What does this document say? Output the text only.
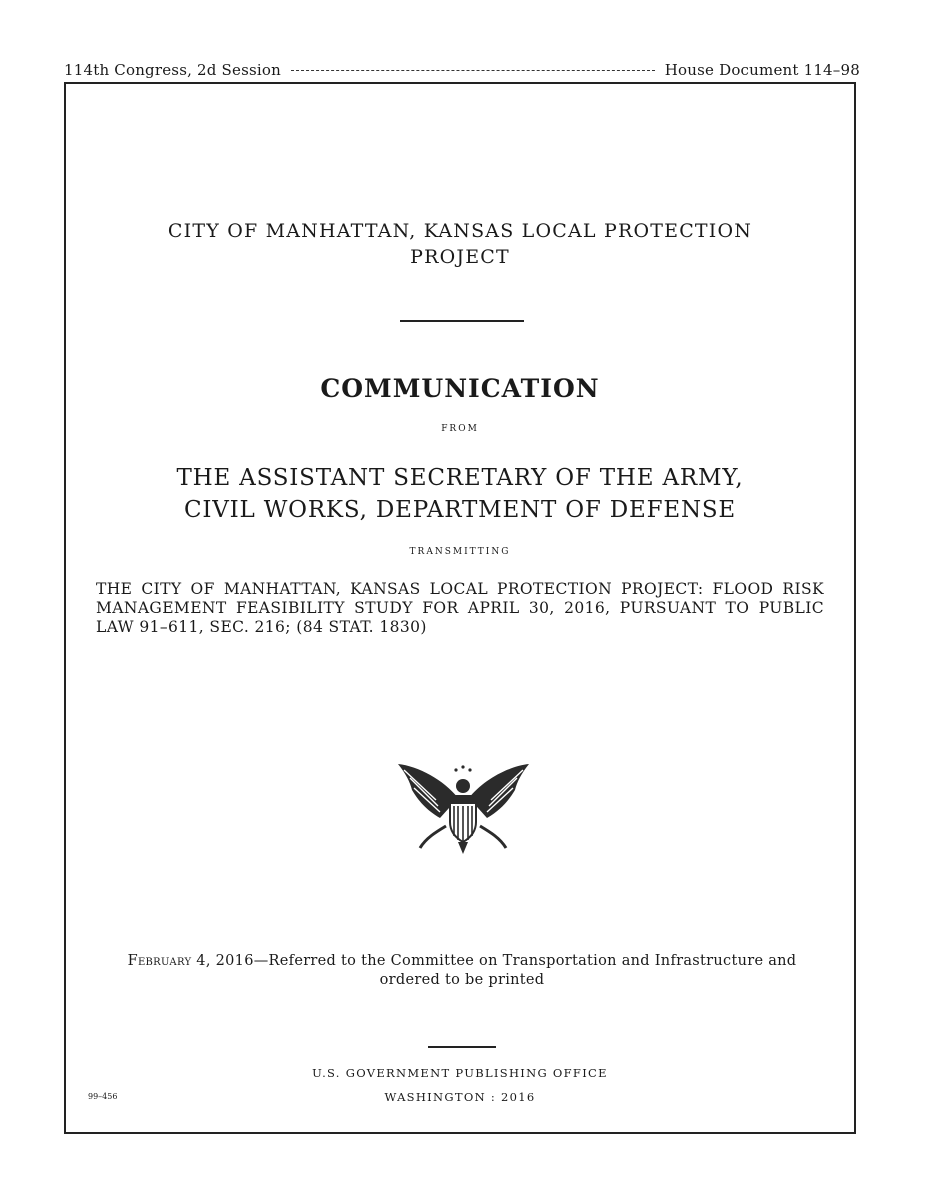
114th Congress, 2d Session	House Document 114–98
CITY OF MANHATTAN, KANSAS LOCAL PROTECTION
PROJECT
COMMUNICATION
FROM
THE ASSISTANT SECRETARY OF THE ARMY,
CIVIL WORKS, DEPARTMENT OF DEFENSE
TRANSMITTING
THE CITY OF MANHATTAN, KANSAS LOCAL PROTECTION PROJECT: FLOOD RISK MANAGEMENT FEASIBILITY STUDY FOR APRIL 30, 2016, PURSUANT TO PUBLIC LAW 91–611, SEC. 216; (84 STAT. 1830)
February 4, 2016—Referred to the Committee on Transportation and Infrastructure and ordered to be printed
U.S. GOVERNMENT PUBLISHING OFFICE
99–456	WASHINGTON : 2016
